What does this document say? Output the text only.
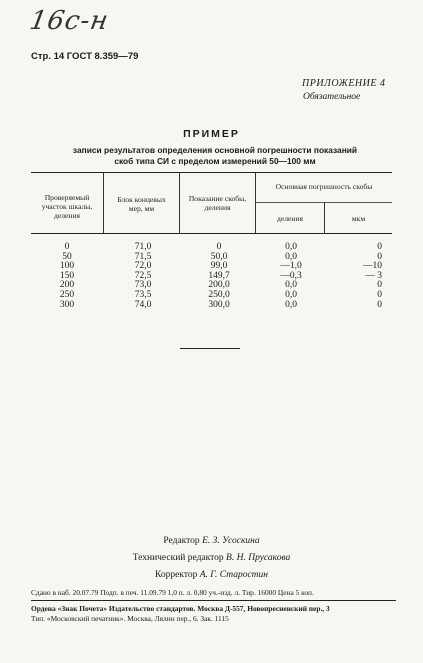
16с-н
Стр. 14 ГОСТ 8.359—79
ПРИЛОЖЕНИЕ 4
Обязательное
ПРИМЕР
записи результатов определения основной погрешности показаний
скоб типа СИ с пределом измерений 50—100 мм
Проверяемый
участок шкалы,
деления
Блок концевых
мер, мм
Показание скобы,
деления
Основная погрешность скобы
деления	мкм
0
50
100
150
200
250
300
71,0
71,5
72,0
72,5
73,0
73,5
74,0
0
50,0
99,0
149,7
200,0
250,0
300,0
0,0
0,0
—1,0
—0,3
0,0
0,0
0,0
0
0
—10
— 3
0
0
0
Редактор Е. З. Усоскина
Технический редактор В. Н. Прусакова
Корректор А. Г. Старостин
Сдано в наб. 20.07.79 Подп. в печ. 11.09.79 1,0 п. л. 0,80 уч.-изд. л. Тир. 16000 Цена 5 коп.
Ордена «Знак Почета» Издательство стандартов. Москва Д-557, Новопресненский пер., 3
Тип. «Московский печатник». Москва, Лялин пер., 6. Зак. 1115
